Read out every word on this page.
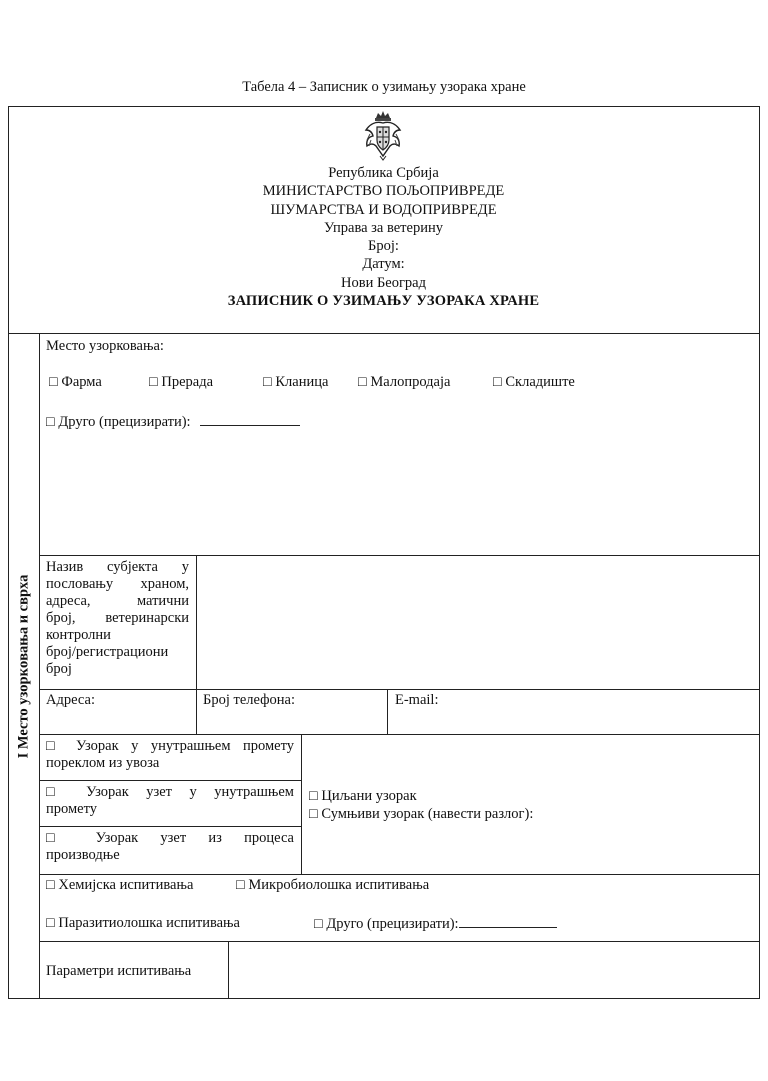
Табела 4 – Записник о узимању узорака хране
Република Србија
МИНИСТАРСТВО ПОЉОПРИВРЕДЕ
ШУМАРСТВА И ВОДОПРИВРЕДЕ
Управа за ветерину
Број:
Датум:
Нови Београд
ЗАПИСНИК О УЗИМАЊУ УЗОРАКА ХРАНЕ
I Место узоркoвања и сврха
Место узорковања:
□ Фарма	□ Прерада	□ Кланица □ Малопродаја	□ Складиште
□ Друго (прецизирати):
Назив субјекта у
пословању храном,
адреса, матични
број, ветеринарски
контролни
број/регистрациони
број
Адреса:	Број телефона:	E-mail:
□ Узорак у унутрашњем промету
пореклом из увоза
□ Узорак узет у унутрашњем
промету
□ Узорак узет из процеса
производње
□ Циљани узорак
□ Сумњиви узорак (навести разлог):
□ Хемијска испитивања	□ Микробиолошка испитивања
□ Паразитиолошка испитивања	□ Друго (прецизирати):
Параметри испитивања
